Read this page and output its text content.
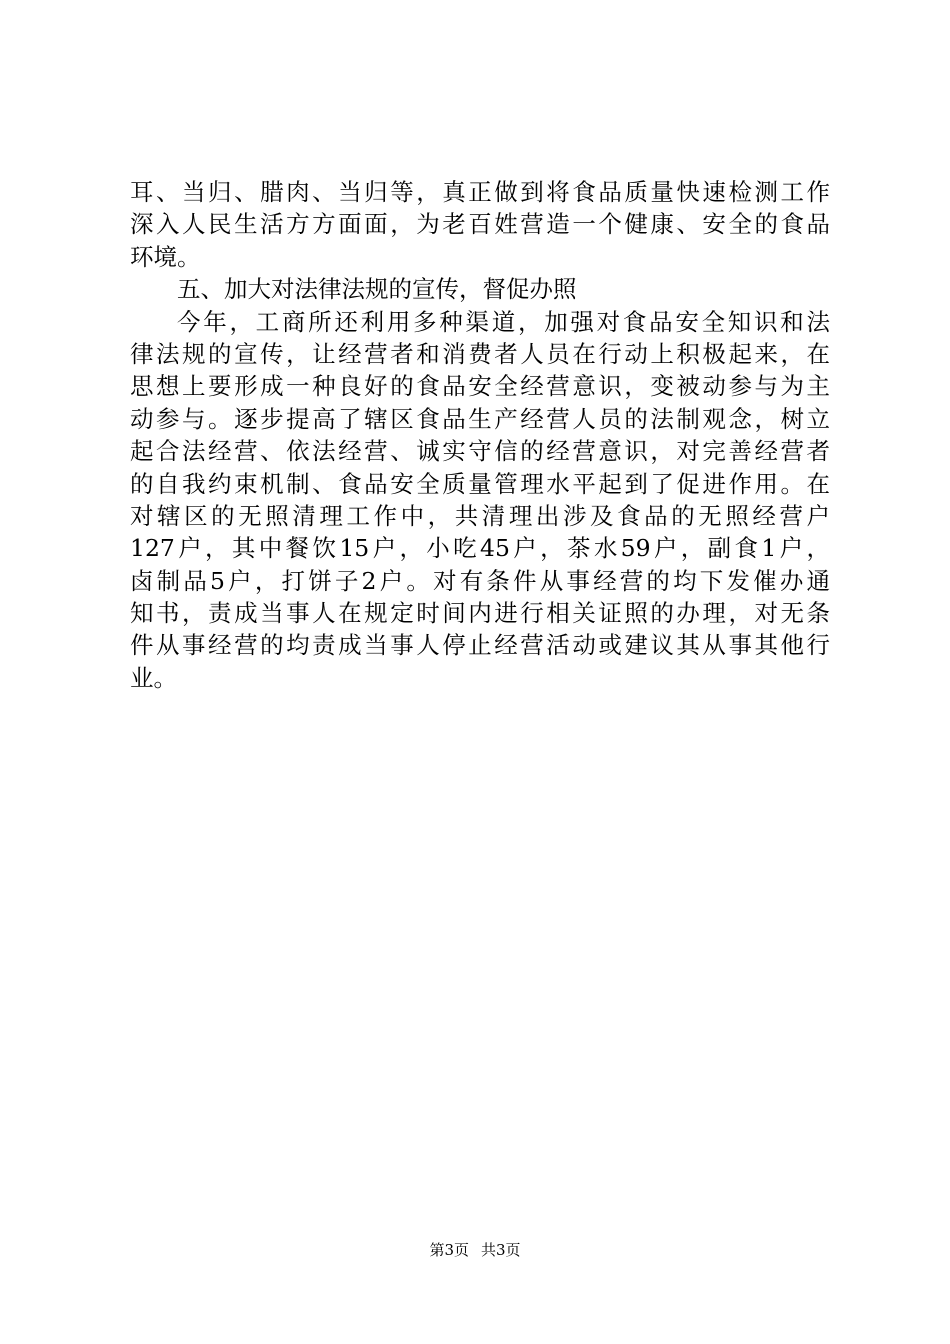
耳、当归、腊肉、当归等，真正做到将食品质量快速检测工作
深入人民生活方方面面，为老百姓营造一个健康、安全的食品
环境。
五、加大对法律法规的宣传，督促办照
今年，工商所还利用多种渠道，加强对食品安全知识和法
律法规的宣传，让经营者和消费者人员在行动上积极起来，在
思想上要形成一种良好的食品安全经营意识，变被动参与为主
动参与。逐步提高了辖区食品生产经营人员的法制观念，树立
起合法经营、依法经营、诚实守信的经营意识，对完善经营者
的自我约束机制、食品安全质量管理水平起到了促进作用。在
对辖区的无照清理工作中，共清理出涉及食品的无照经营户
127户，其中餐饮15户，小吃45户，茶水59户，副食1户，
卤制品5户，打饼子2户。对有条件从事经营的均下发催办通
知书，责成当事人在规定时间内进行相关证照的办理，对无条
件从事经营的均责成当事人停止经营活动或建议其从事其他行
业。
第3页 共3页
